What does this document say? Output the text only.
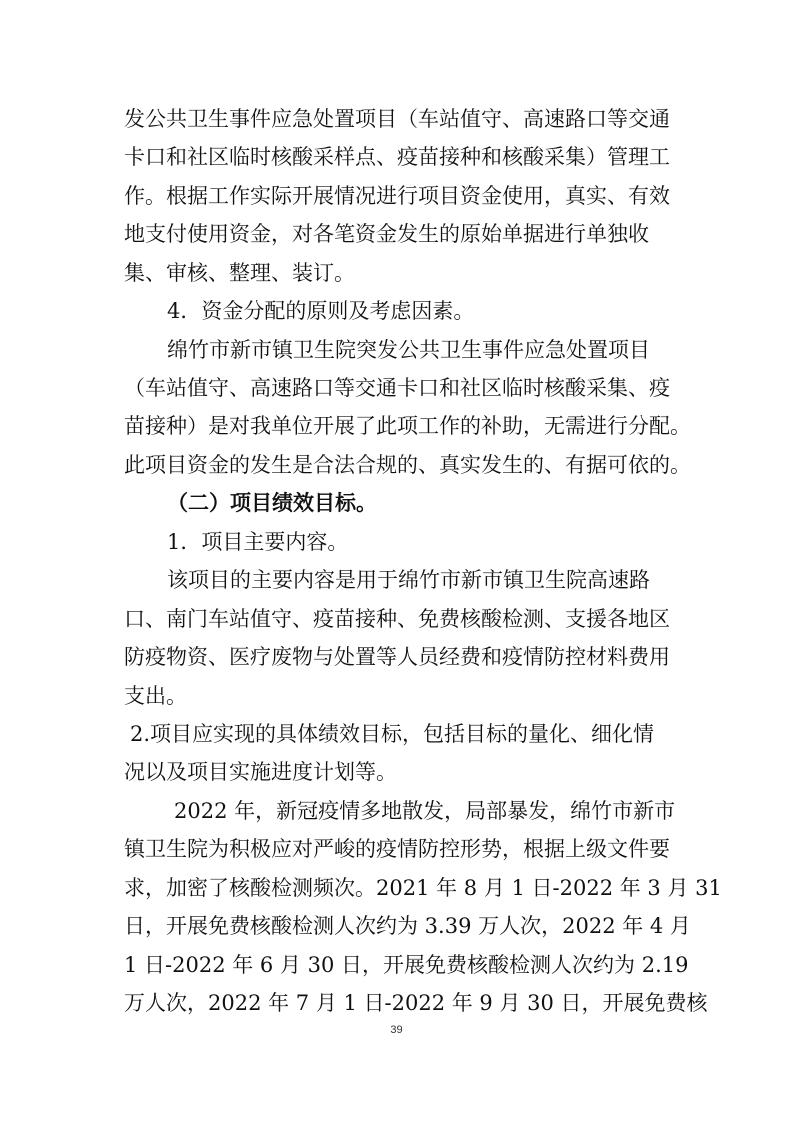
发公共卫生事件应急处置项目（车站值守、高速路口等交通

卡口和社区临时核酸采样点、疫苗接种和核酸采集）管理工

作。根据工作实际开展情况进行项目资金使用，真实、有效

地支付使用资金，对各笔资金发生的原始单据进行单独收

集、审核、整理、装订。

4．资金分配的原则及考虑因素。

绵竹市新市镇卫生院突发公共卫生事件应急处置项目

（车站值守、高速路口等交通卡口和社区临时核酸采集、疫

苗接种）是对我单位开展了此项工作的补助，无需进行分配。

此项目资金的发生是合法合规的、真实发生的、有据可依的。

（二）项目绩效目标。

1．项目主要内容。

该项目的主要内容是用于绵竹市新市镇卫生院高速路

口、南门车站值守、疫苗接种、免费核酸检测、支援各地区

防疫物资、医疗废物与处置等人员经费和疫情防控材料费用

支出。

2.项目应实现的具体绩效目标，包括目标的量化、细化情

况以及项目实施进度计划等。

2022 年，新冠疫情多地散发，局部暴发，绵竹市新市

镇卫生院为积极应对严峻的疫情防控形势，根据上级文件要

求，加密了核酸检测频次。2021 年 8 月 1 日-2022 年 3 月 31

日，开展免费核酸检测人次约为 3.39 万人次，2022 年 4 月

1 日-2022 年 6 月 30 日，开展免费核酸检测人次约为 2.19

万人次，2022 年 7 月 1 日-2022 年 9 月 30 日，开展免费核

39
